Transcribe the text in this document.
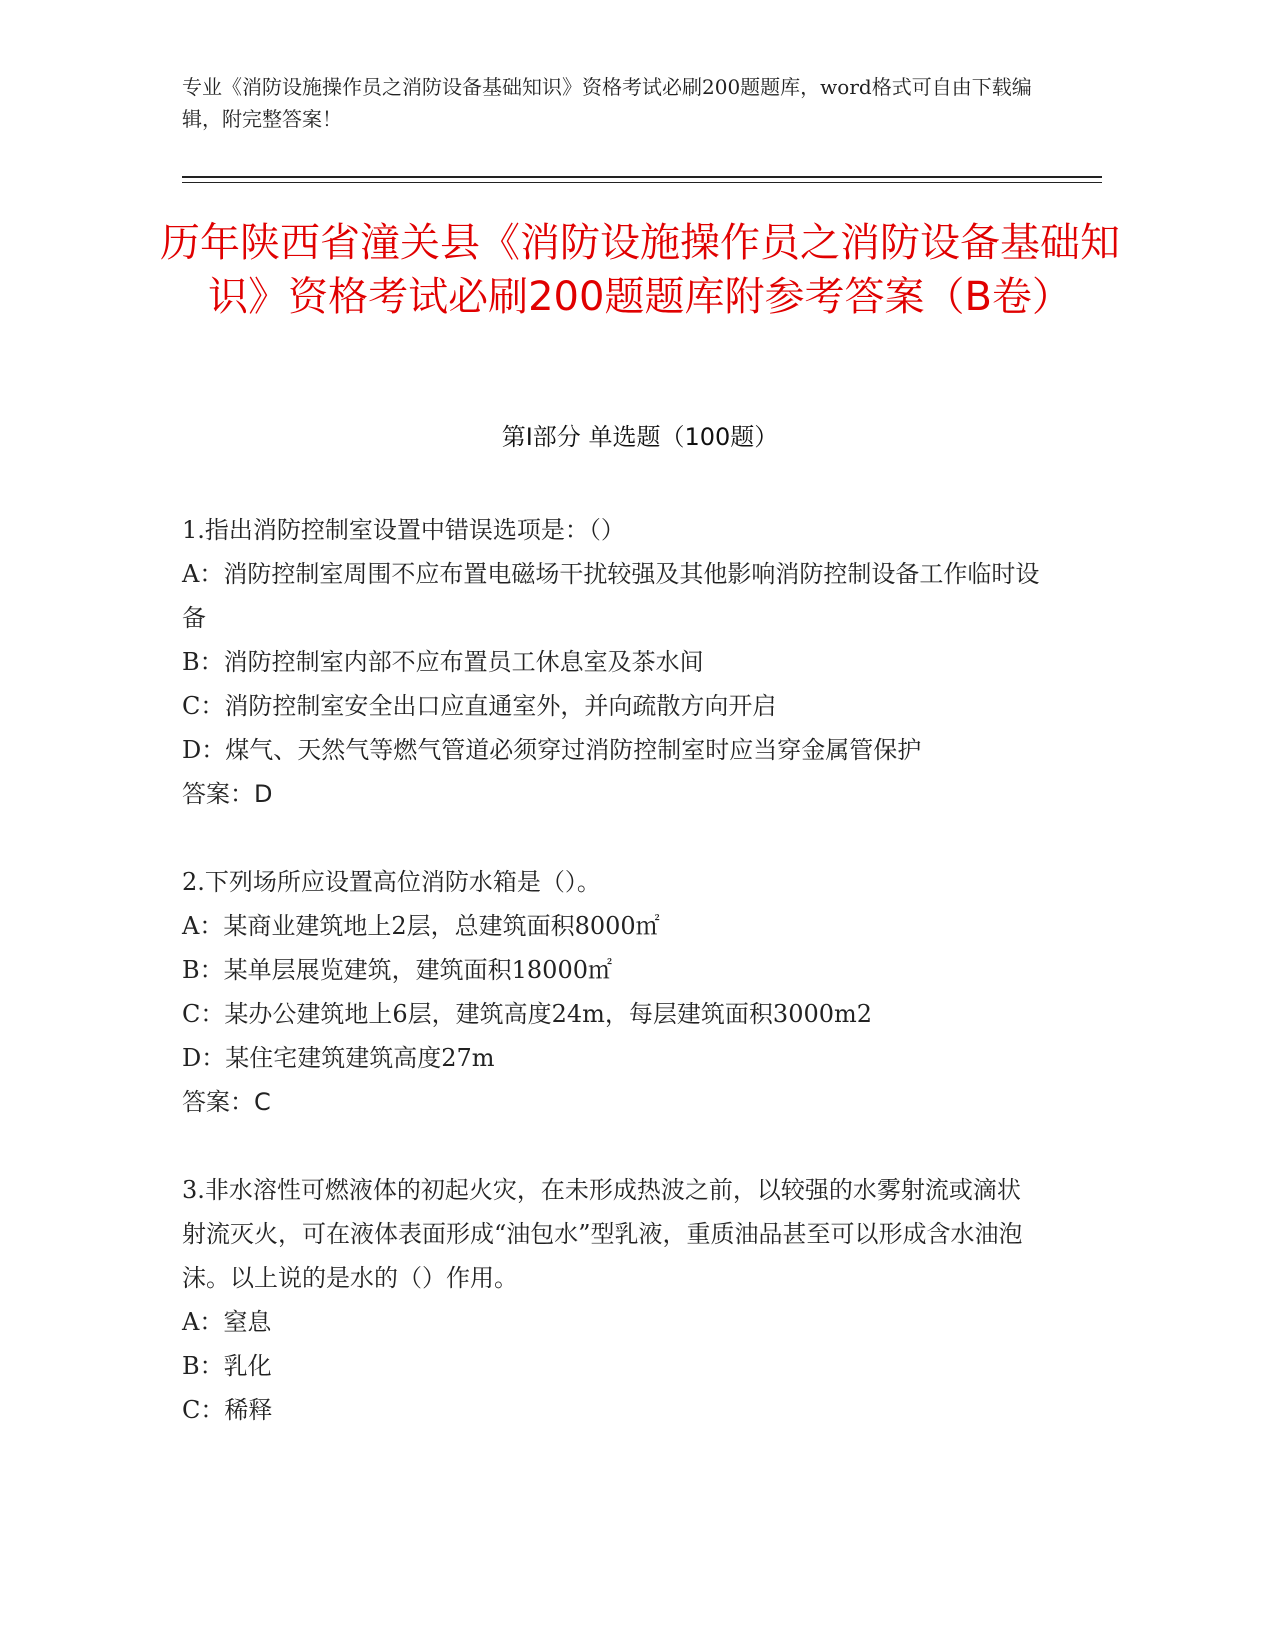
专业《消防设施操作员之消防设备基础知识》资格考试必刷200题题库，word格式可自由下载编辑，附完整答案！
历年陕西省潼关县《消防设施操作员之消防设备基础知识》资格考试必刷200题题库附参考答案（B卷）
第Ⅰ部分 单选题（100题）
1.指出消防控制室设置中错误选项是：（）
A：消防控制室周围不应布置电磁场干扰较强及其他影响消防控制设备工作临时设备
B：消防控制室内部不应布置员工休息室及茶水间
C：消防控制室安全出口应直通室外，并向疏散方向开启
D：煤气、天然气等燃气管道必须穿过消防控制室时应当穿金属管保护
答案：D
2.下列场所应设置高位消防水箱是（）。
A：某商业建筑地上2层，总建筑面积8000㎡
B：某单层展览建筑，建筑面积18000㎡
C：某办公建筑地上6层，建筑高度24m，每层建筑面积3000m2
D：某住宅建筑建筑高度27m
答案：C
3.非水溶性可燃液体的初起火灾，在未形成热波之前，以较强的水雾射流或滴状射流灭火，可在液体表面形成“油包水”型乳液，重质油品甚至可以形成含水油泡沫。以上说的是水的（）作用。
A：窒息
B：乳化
C：稀释
